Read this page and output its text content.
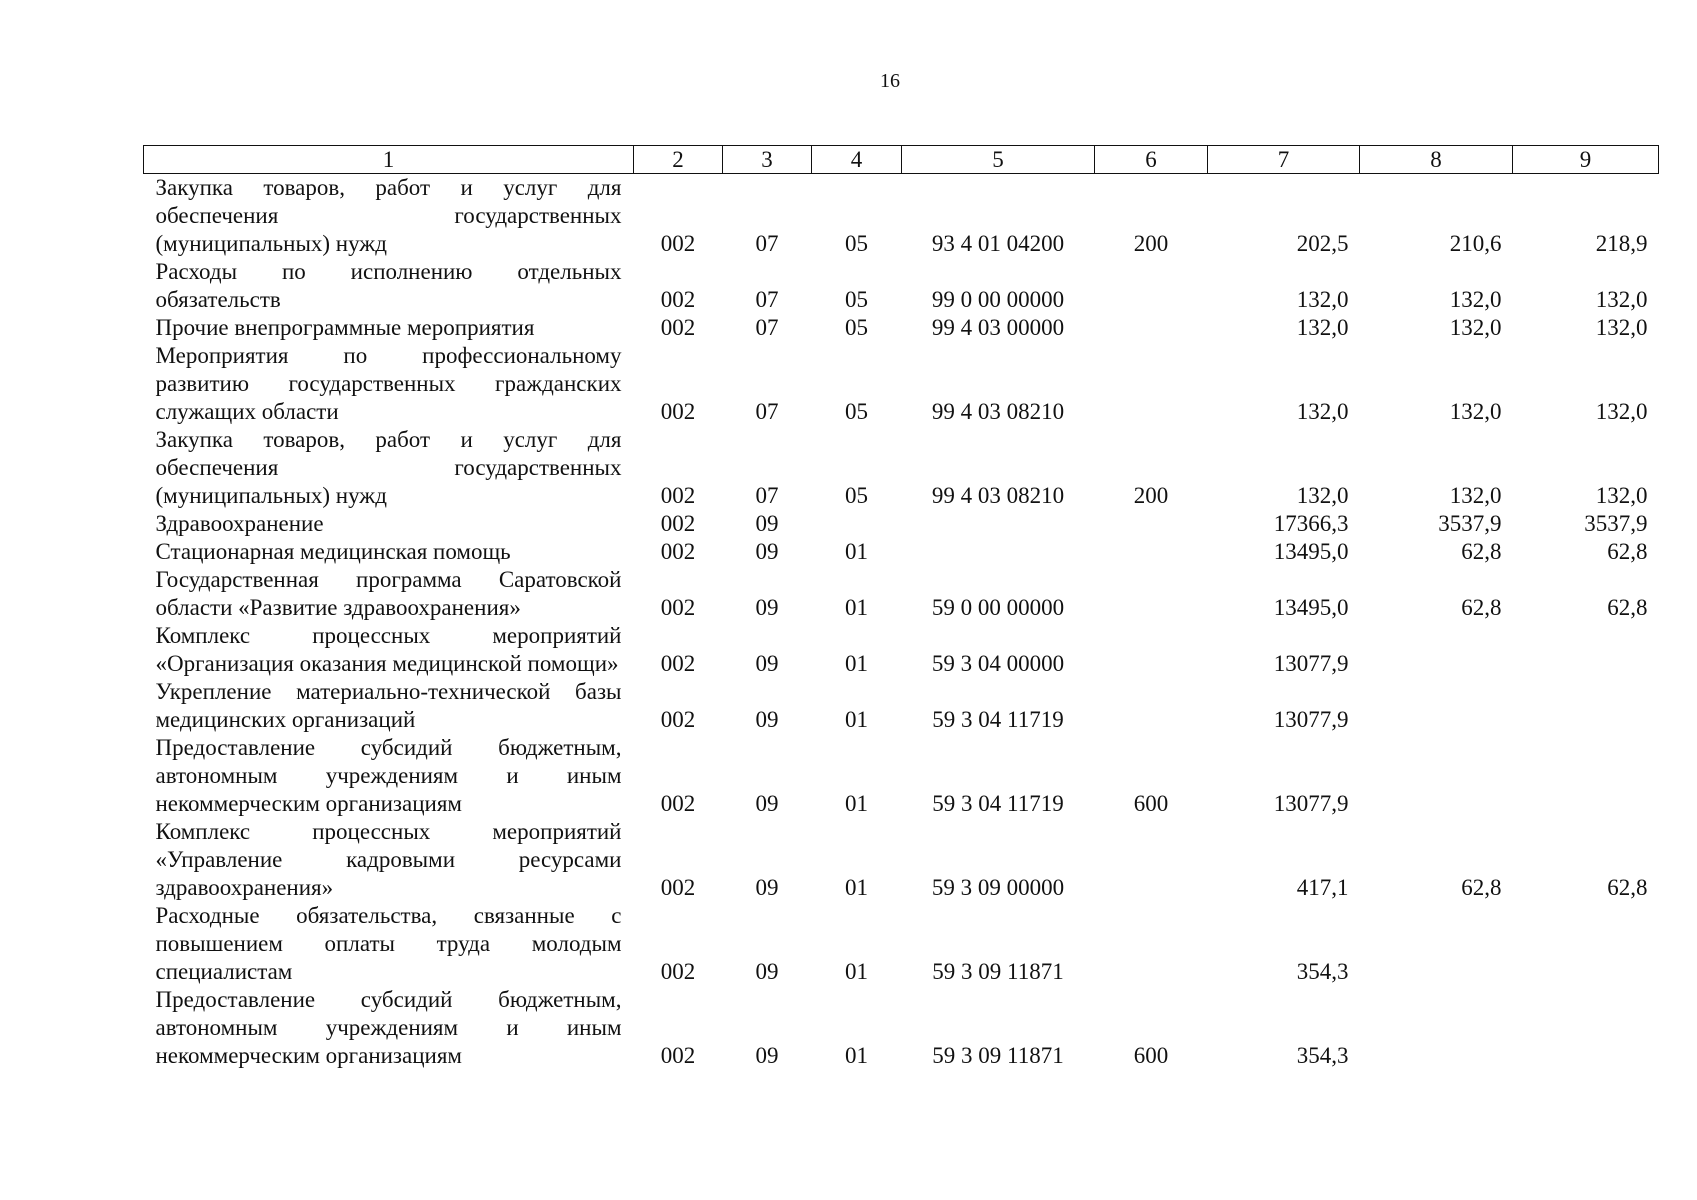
16
1	2	3	4	5	6	7	8	9
Закупка товаров, работ и услуг для обеспечения государственных (муниципальных) нужд	002	07	05	93 4 01 04200	200	202,5	210,6	218,9
Расходы по исполнению отдельных обязательств	002	07	05	99 0 00 00000		132,0	132,0	132,0
Прочие внепрограммные мероприятия	002	07	05	99 4 03 00000		132,0	132,0	132,0
Мероприятия по профессиональному развитию государственных гражданских служащих области	002	07	05	99 4 03 08210		132,0	132,0	132,0
Закупка товаров, работ и услуг для обеспечения государственных (муниципальных) нужд	002	07	05	99 4 03 08210	200	132,0	132,0	132,0
Здравоохранение	002	09				17366,3	3537,9	3537,9
Стационарная медицинская помощь	002	09	01			13495,0	62,8	62,8
Государственная программа Саратовской области «Развитие здравоохранения»	002	09	01	59 0 00 00000		13495,0	62,8	62,8
Комплекс процессных мероприятий «Организация оказания медицинской помощи»	002	09	01	59 3 04 00000		13077,9		
Укрепление материально-технической базы медицинских организаций	002	09	01	59 3 04 11719		13077,9		
Предоставление субсидий бюджетным, автономным учреждениям и иным некоммерческим организациям	002	09	01	59 3 04 11719	600	13077,9		
Комплекс процессных мероприятий «Управление кадровыми ресурсами здравоохранения»	002	09	01	59 3 09 00000		417,1	62,8	62,8
Расходные обязательства, связанные с повышением оплаты труда молодым специалистам	002	09	01	59 3 09 11871		354,3		
Предоставление субсидий бюджетным, автономным учреждениям и иным некоммерческим организациям	002	09	01	59 3 09 11871	600	354,3		
